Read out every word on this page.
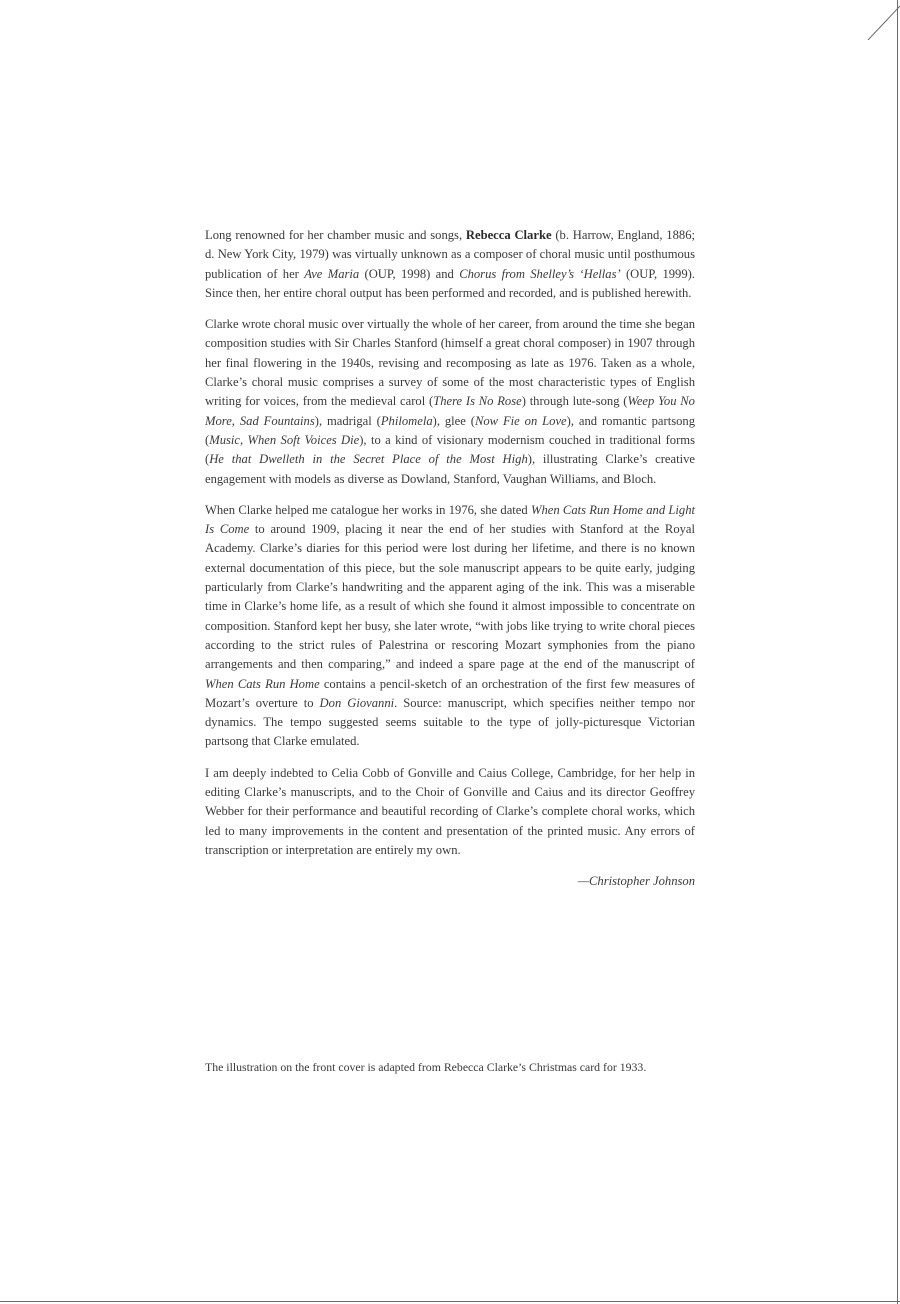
Long renowned for her chamber music and songs, Rebecca Clarke (b. Harrow, England, 1886; d. New York City, 1979) was virtually unknown as a composer of choral music until posthumous publication of her Ave Maria (OUP, 1998) and Chorus from Shelley’s ‘Hellas’ (OUP, 1999). Since then, her entire choral output has been performed and recorded, and is published herewith.

Clarke wrote choral music over virtually the whole of her career, from around the time she began composition studies with Sir Charles Stanford (himself a great choral composer) in 1907 through her final flowering in the 1940s, revising and recomposing as late as 1976. Taken as a whole, Clarke’s choral music comprises a survey of some of the most characteristic types of English writing for voices, from the medieval carol (There Is No Rose) through lute-song (Weep You No More, Sad Fountains), madrigal (Philomela), glee (Now Fie on Love), and romantic partsong (Music, When Soft Voices Die), to a kind of visionary modernism couched in traditional forms (He that Dwelleth in the Secret Place of the Most High), illustrating Clarke’s creative engagement with models as diverse as Dowland, Stanford, Vaughan Williams, and Bloch.

When Clarke helped me catalogue her works in 1976, she dated When Cats Run Home and Light Is Come to around 1909, placing it near the end of her studies with Stanford at the Royal Academy. Clarke’s diaries for this period were lost during her lifetime, and there is no known external documentation of this piece, but the sole manuscript appears to be quite early, judging particularly from Clarke’s handwriting and the apparent aging of the ink. This was a miserable time in Clarke’s home life, as a result of which she found it almost impossible to concentrate on composition. Stanford kept her busy, she later wrote, “with jobs like trying to write choral pieces according to the strict rules of Palestrina or rescoring Mozart symphonies from the piano arrangements and then comparing,” and indeed a spare page at the end of the manuscript of When Cats Run Home contains a pencil-sketch of an orchestration of the first few measures of Mozart’s overture to Don Giovanni. Source: manuscript, which specifies neither tempo nor dynamics. The tempo suggested seems suitable to the type of jolly-picturesque Victorian partsong that Clarke emulated.

I am deeply indebted to Celia Cobb of Gonville and Caius College, Cambridge, for her help in editing Clarke’s manuscripts, and to the Choir of Gonville and Caius and its director Geoffrey Webber for their performance and beautiful recording of Clarke’s complete choral works, which led to many improvements in the content and presentation of the printed music. Any errors of transcription or interpretation are entirely my own.

—Christopher Johnson

The illustration on the front cover is adapted from Rebecca Clarke’s Christmas card for 1933.
